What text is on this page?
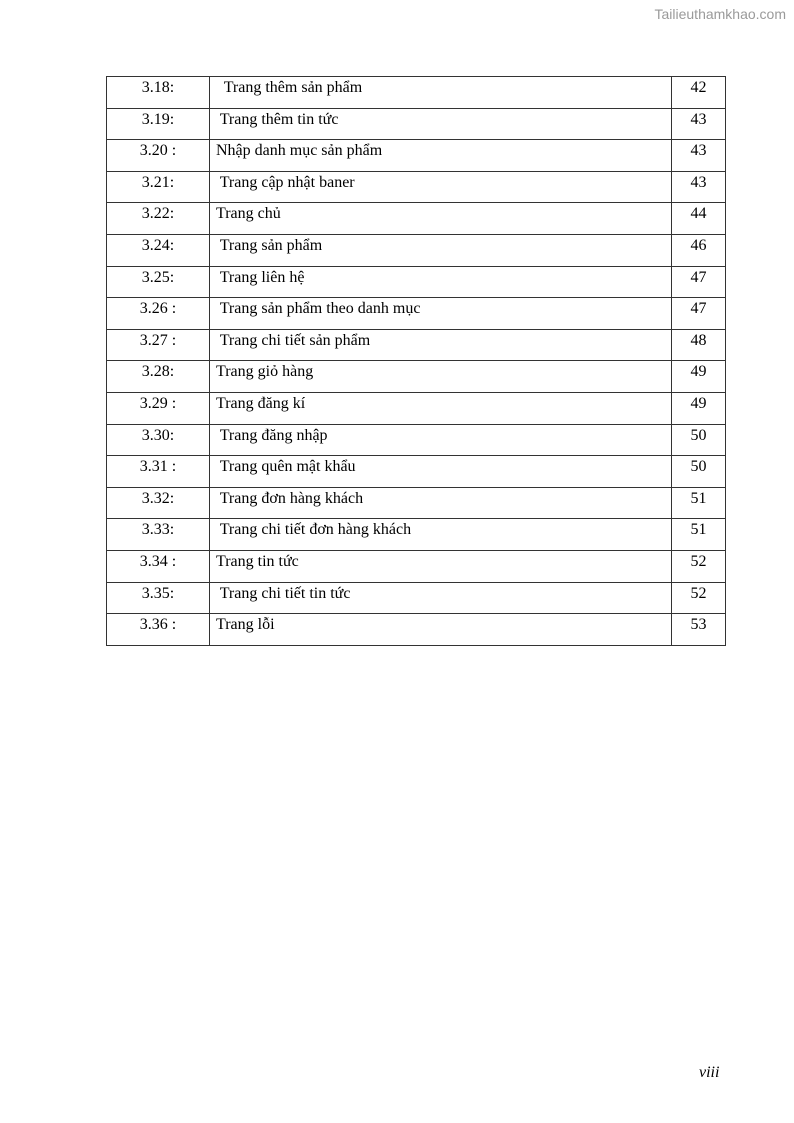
Tailieuthamkhao.com
3.18:	Trang thêm sản phẩm	42
3.19:	Trang thêm tin tức	43
3.20 :	Nhập danh mục sản phẩm	43
3.21:	Trang cập nhật baner	43
3.22:	Trang chủ	44
3.24:	Trang sản phẩm	46
3.25:	Trang liên hệ	47
3.26 :	Trang sản phẩm theo danh mục	47
3.27 :	Trang chi tiết sản phẩm	48
3.28:	Trang giỏ hàng	49
3.29 :	Trang đăng kí	49
3.30:	Trang đăng nhập	50
3.31 :	Trang quên mật khẩu	50
3.32:	Trang đơn hàng khách	51
3.33:	Trang chi tiết đơn hàng khách	51
3.34 :	Trang tin tức	52
3.35:	Trang chi tiết tin tức	52
3.36 :	Trang lỗi	53
viii
